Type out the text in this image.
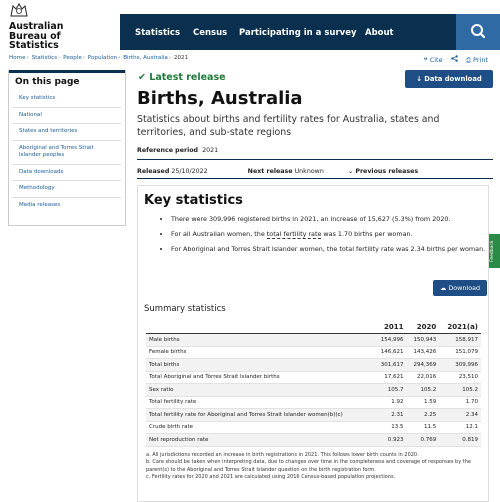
Australian
Bureau of
Statistics
Statistics Census Participating in a survey About
Home› Statistics› People› Population› Births, Australia› 2021	❝ Cite	⎙ Print
On this page
Key statistics
National
States and territories
Aboriginal and Torres Strait Islander peoples
Data downloads
Methodology
Media releases
✔ Latest release	↓ Data download
Births, Australia
Statistics about births and fertility rates for Australia, states and territories, and sub-state regions
Reference period 2021
Released 25/10/2022	Next release Unknown	⌄ Previous releases
Feedback
Key statistics
• There were 309,996 registered births in 2021, an increase of 15,627 (5.3%) from 2020.
• For all Australian women, the total fertility rate was 1.70 births per woman.
• For Aboriginal and Torres Strait Islander women, the total fertility rate was 2.34 births per woman.
☁ Download
Summary statistics
	2011	2020	2021(a)
Male births	154,996	150,943	158,917
Female births	146,621	143,426	151,079
Total births	301,617	294,369	309,996
Total Aboriginal and Torres Strait Islander births	17,621	22,016	23,510
Sex ratio	105.7	105.2	105.2
Total fertility rate	1.92	1.59	1.70
Total fertility rate for Aboriginal and Torres Strait Islander women(b)(c)	2.31	2.25	2.34
Crude birth rate	13.5	11.5	12.1
Net reproduction rate	0.923	0.769	0.819
a. All jurisdictions recorded an increase in birth registrations in 2021. This follows lower birth counts in 2020.
b. Care should be taken when interpreting data, due to changes over time in the completeness and coverage of responses by the parent(s) to the Aboriginal and Torres Strait Islander question on the birth registration form.
c. Fertility rates for 2020 and 2021 are calculated using 2016 Census-based population projections.
